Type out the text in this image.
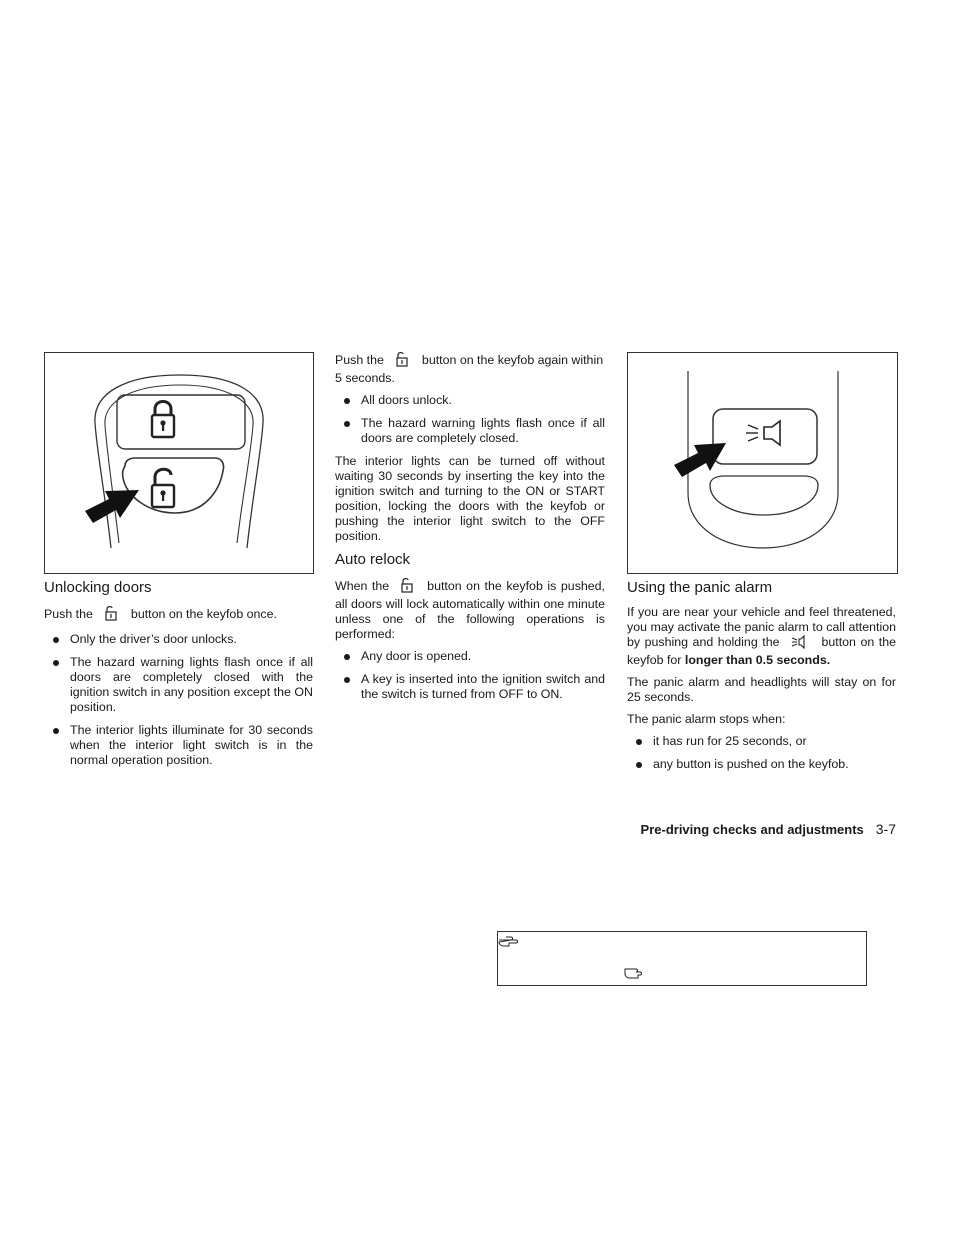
Unlocking doors

Push the	button on the keyfob once.

Only the driver’s door unlocks.
The hazard warning lights flash once if all doors are completely closed with the ignition switch in any position except the ON position.
The interior lights illuminate for 30 seconds when the interior light switch is in the normal operation position.

Push the	button on the keyfob again within 5 seconds.

All doors unlock.
The hazard warning lights flash once if all doors are completely closed.

The interior lights can be turned off without waiting 30 seconds by inserting the key into the ignition switch and turning to the ON or START position, locking the doors with the keyfob or pushing the interior light switch to the OFF position.

Auto relock

When the	button on the keyfob is pushed, all doors will lock automatically within one minute unless one of the following operations is performed:

Any door is opened.
A key is inserted into the ignition switch and the switch is turned from OFF to ON.
Using the panic alarm

If you are near your vehicle and feel threatened, you may activate the panic alarm to call attention by pushing and holding the	button on the keyfob for longer than 0.5 seconds.

The panic alarm and headlights will stay on for 25 seconds.

The panic alarm stops when:

it has run for 25 seconds, or
any button is pushed on the keyfob.
Pre-driving checks and adjustments 3-7
